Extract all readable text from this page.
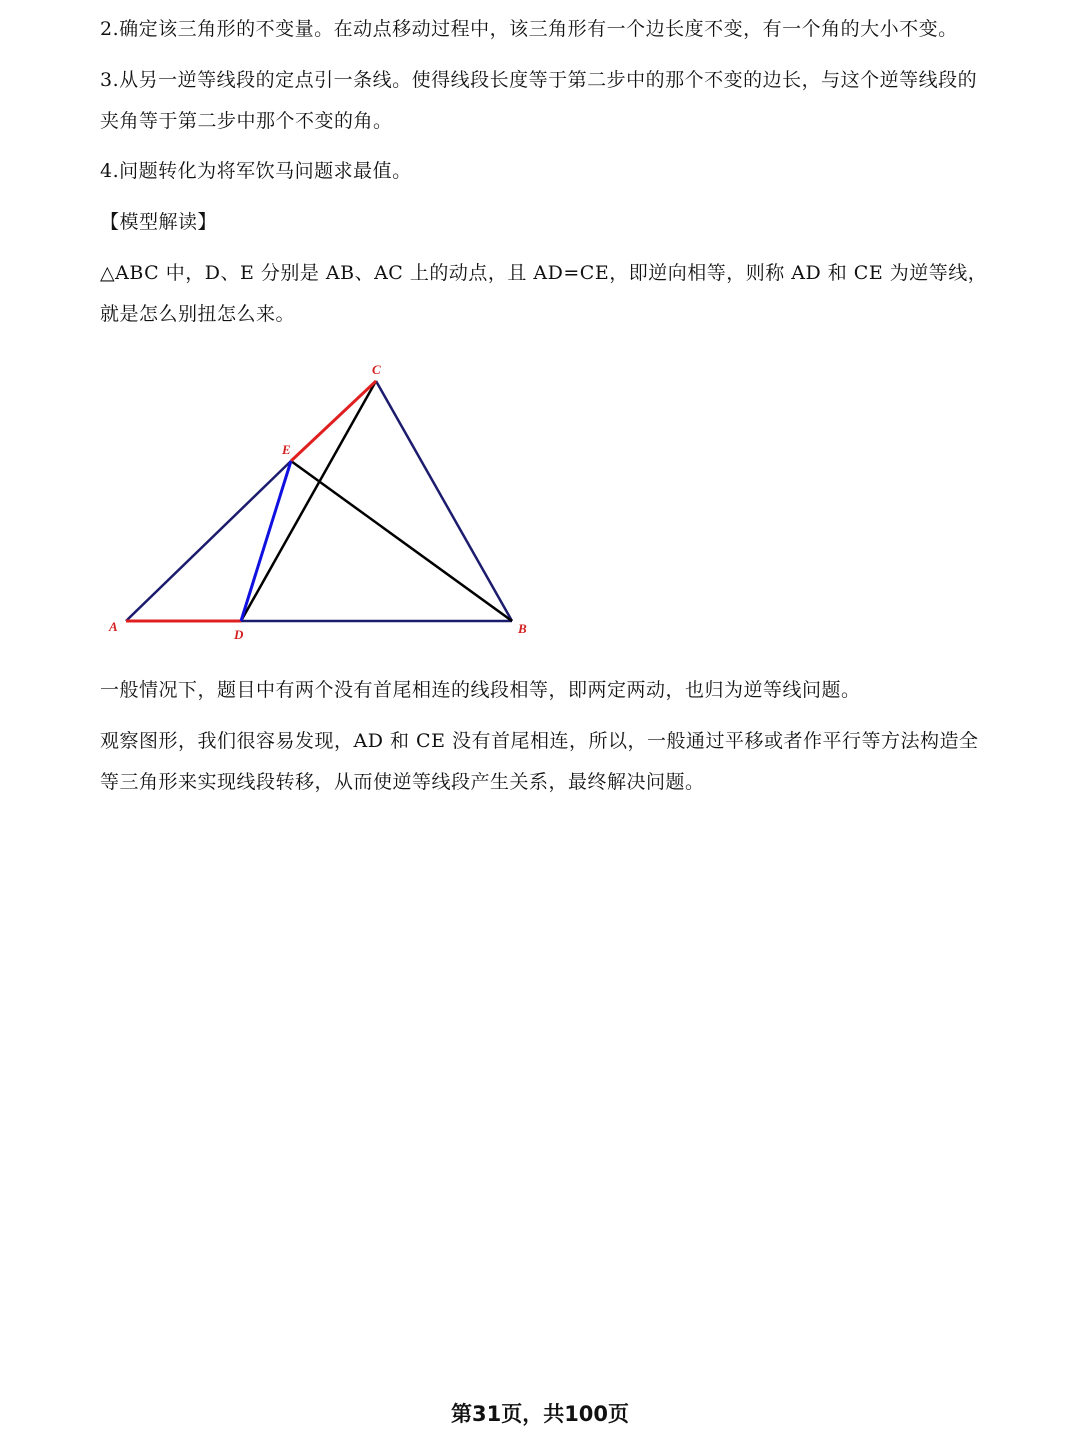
2.确定该三角形的不变量。在动点移动过程中，该三角形有一个边长度不变，有一个角的大小不变。

3.从另一逆等线段的定点引一条线。使得线段长度等于第二步中的那个不变的边长，与这个逆等线段的夹角等于第二步中那个不变的角。

4.问题转化为将军饮马问题求最值。

【模型解读】

△ABC 中，D、E 分别是 AB、AC 上的动点，且 AD=CE，即逆向相等，则称 AD 和 CE 为逆等线，就是怎么别扭怎么来。

A
D	B
C
E

一般情况下，题目中有两个没有首尾相连的线段相等，即两定两动，也归为逆等线问题。

观察图形，我们很容易发现，AD 和 CE 没有首尾相连，所以，一般通过平移或者作平行等方法构造全等三角形来实现线段转移，从而使逆等线段产生关系，最终解决问题。

第31页，共100页
